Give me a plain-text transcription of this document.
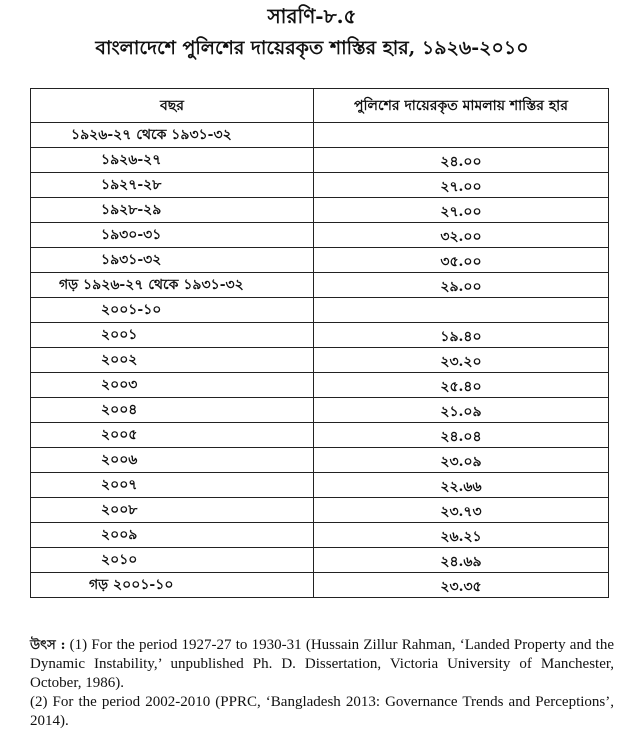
সারণি-৮.৫
বাংলাদেশে পুলিশের দায়েরকৃত শাস্তির হার, ১৯২৬-২০১০
বছর	পুলিশের দায়েরকৃত মামলায় শাস্তির হার
১৯২৬-২৭ থেকে ১৯৩১-৩২	
১৯২৬-২৭	২৪.০০
১৯২৭-২৮	২৭.০০
১৯২৮-২৯	২৭.০০
১৯৩০-৩১	৩২.০০
১৯৩১-৩২	৩৫.০০
গড় ১৯২৬-২৭ থেকে ১৯৩১-৩২	২৯.০০
২০০১-১০	
২০০১	১৯.৪০
২০০২	২৩.২০
২০০৩	২৫.৪০
২০০৪	২১.০৯
২০০৫	২৪.০৪
২০০৬	২৩.০৯
২০০৭	২২.৬৬
২০০৮	২৩.৭৩
২০০৯	২৬.২১
২০১০	২৪.৬৯
গড় ২০০১-১০	২৩.৩৫

উৎস : (1) For the period 1927-27 to 1930-31 (Hussain Zillur Rahman, ‘Landed Property and the Dynamic Instability,’ unpublished Ph. D. Dissertation, Victoria University of Manchester, October, 1986).

(2) For the period 2002-2010 (PPRC, ‘Bangladesh 2013: Governance Trends and Perceptions’, 2014).
